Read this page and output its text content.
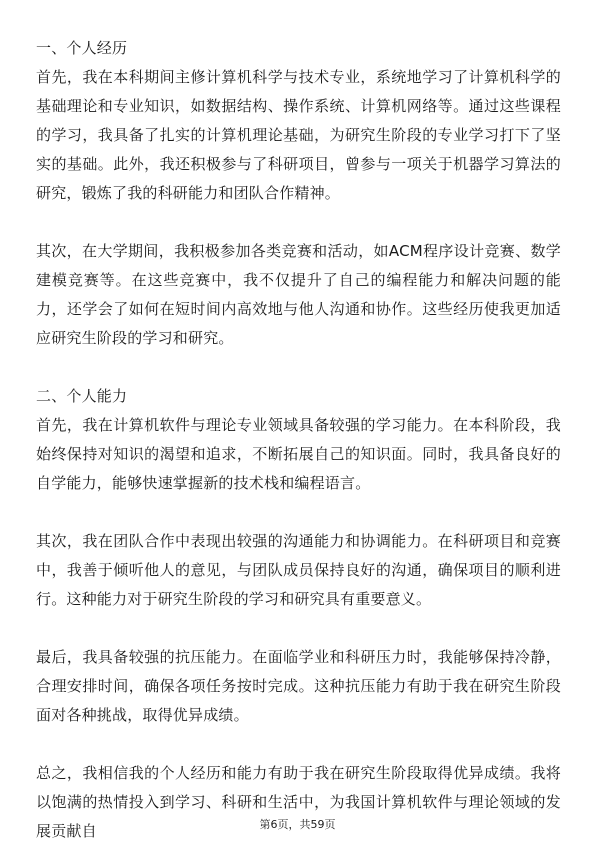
一、个人经历

首先，我在本科期间主修计算机科学与技术专业，系统地学习了计算机科学的基础理论和专业知识，如数据结构、操作系统、计算机网络等。通过这些课程的学习，我具备了扎实的计算机理论基础，为研究生阶段的专业学习打下了坚实的基础。此外，我还积极参与了科研项目，曾参与一项关于机器学习算法的研究，锻炼了我的科研能力和团队合作精神。

其次，在大学期间，我积极参加各类竞赛和活动，如ACM程序设计竞赛、数学建模竞赛等。在这些竞赛中，我不仅提升了自己的编程能力和解决问题的能力，还学会了如何在短时间内高效地与他人沟通和协作。这些经历使我更加适应研究生阶段的学习和研究。

二、个人能力

首先，我在计算机软件与理论专业领域具备较强的学习能力。在本科阶段，我始终保持对知识的渴望和追求，不断拓展自己的知识面。同时，我具备良好的自学能力，能够快速掌握新的技术栈和编程语言。

其次，我在团队合作中表现出较强的沟通能力和协调能力。在科研项目和竞赛中，我善于倾听他人的意见，与团队成员保持良好的沟通，确保项目的顺利进行。这种能力对于研究生阶段的学习和研究具有重要意义。

最后，我具备较强的抗压能力。在面临学业和科研压力时，我能够保持冷静，合理安排时间，确保各项任务按时完成。这种抗压能力有助于我在研究生阶段面对各种挑战，取得优异成绩。

总之，我相信我的个人经历和能力有助于我在研究生阶段取得优异成绩。我将以饱满的热情投入到学习、科研和生活中，为我国计算机软件与理论领域的发展贡献自	第6页，共59页
